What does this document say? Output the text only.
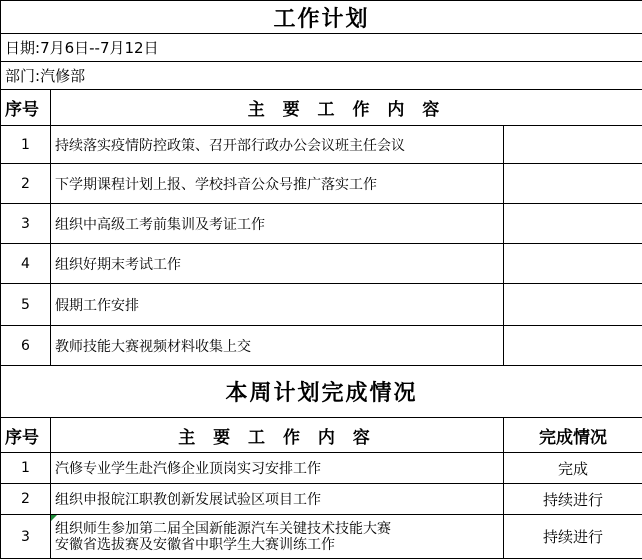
工作计划		
日期:7月6日--7月12日		
部门:汽修部		
序号	主 要 工 作 内 容	
1	持续落实疫情防控政策、召开部行政办公会议班主任会议	
2	下学期课程计划上报、学校抖音公众号推广落实工作	
3	组织中高级工考前集训及考证工作	
4	组织好期末考试工作	
5	假期工作安排	
6	教师技能大赛视频材料收集上交	
本周计划完成情况		
序号	主 要 工 作 内 容	完成情况
1	汽修专业学生赴汽修企业顶岗实习安排工作	完成
2	组织申报皖江职教创新发展试验区项目工作	持续进行
3	组织师生参加第二届全国新能源汽车关键技术技能大赛
安徽省选拔赛及安徽省中职学生大赛训练工作	持续进行
